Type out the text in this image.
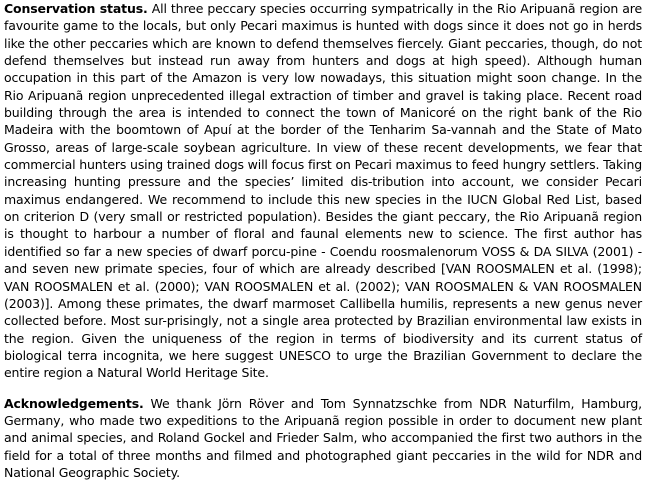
Conservation status. All three peccary species occurring sympatrically in the Rio Aripuanã region are favourite game to the locals, but only Pecari maximus is hunted with dogs since it does not go in herds like the other peccaries which are known to defend themselves fiercely. Giant peccaries, though, do not defend themselves but instead run away from hunters and dogs at high speed). Although human occupation in this part of the Amazon is very low nowadays, this situation might soon change. In the Rio Aripuanã region unprecedented illegal extraction of timber and gravel is taking place. Recent road building through the area is intended to connect the town of Manicoré on the right bank of the Rio Madeira with the boomtown of Apuí at the border of the Tenharim Sa-vannah and the State of Mato Grosso, areas of large-scale soybean agriculture. In view of these recent developments, we fear that commercial hunters using trained dogs will focus first on Pecari maximus to feed hungry settlers. Taking increasing hunting pressure and the species’ limited dis-tribution into account, we consider Pecari maximus endangered. We recommend to include this new species in the IUCN Global Red List, based on criterion D (very small or restricted population). Besides the giant peccary, the Rio Aripuanã region is thought to harbour a number of floral and faunal elements new to science. The first author has identified so far a new species of dwarf porcu-pine - Coendu roosmalenorum VOSS & DA SILVA (2001) - and seven new primate species, four of which are already described [VAN ROOSMALEN et al. (1998); VAN ROOSMALEN et al. (2000); VAN ROOSMALEN et al. (2002); VAN ROOSMALEN & VAN ROOSMALEN (2003)]. Among these primates, the dwarf marmoset Callibella humilis, represents a new genus never collected before. Most sur-prisingly, not a single area protected by Brazilian environmental law exists in the region. Given the uniqueness of the region in terms of biodiversity and its current status of biological terra incognita, we here suggest UNESCO to urge the Brazilian Government to declare the entire region a Natural World Heritage Site.

Acknowledgements. We thank Jörn Röver and Tom Synnatzschke from NDR Naturfilm, Hamburg, Germany, who made two expeditions to the Aripuanã region possible in order to document new plant and animal species, and Roland Gockel and Frieder Salm, who accompanied the first two authors in the field for a total of three months and filmed and photographed giant peccaries in the wild for NDR and National Geographic Society.
